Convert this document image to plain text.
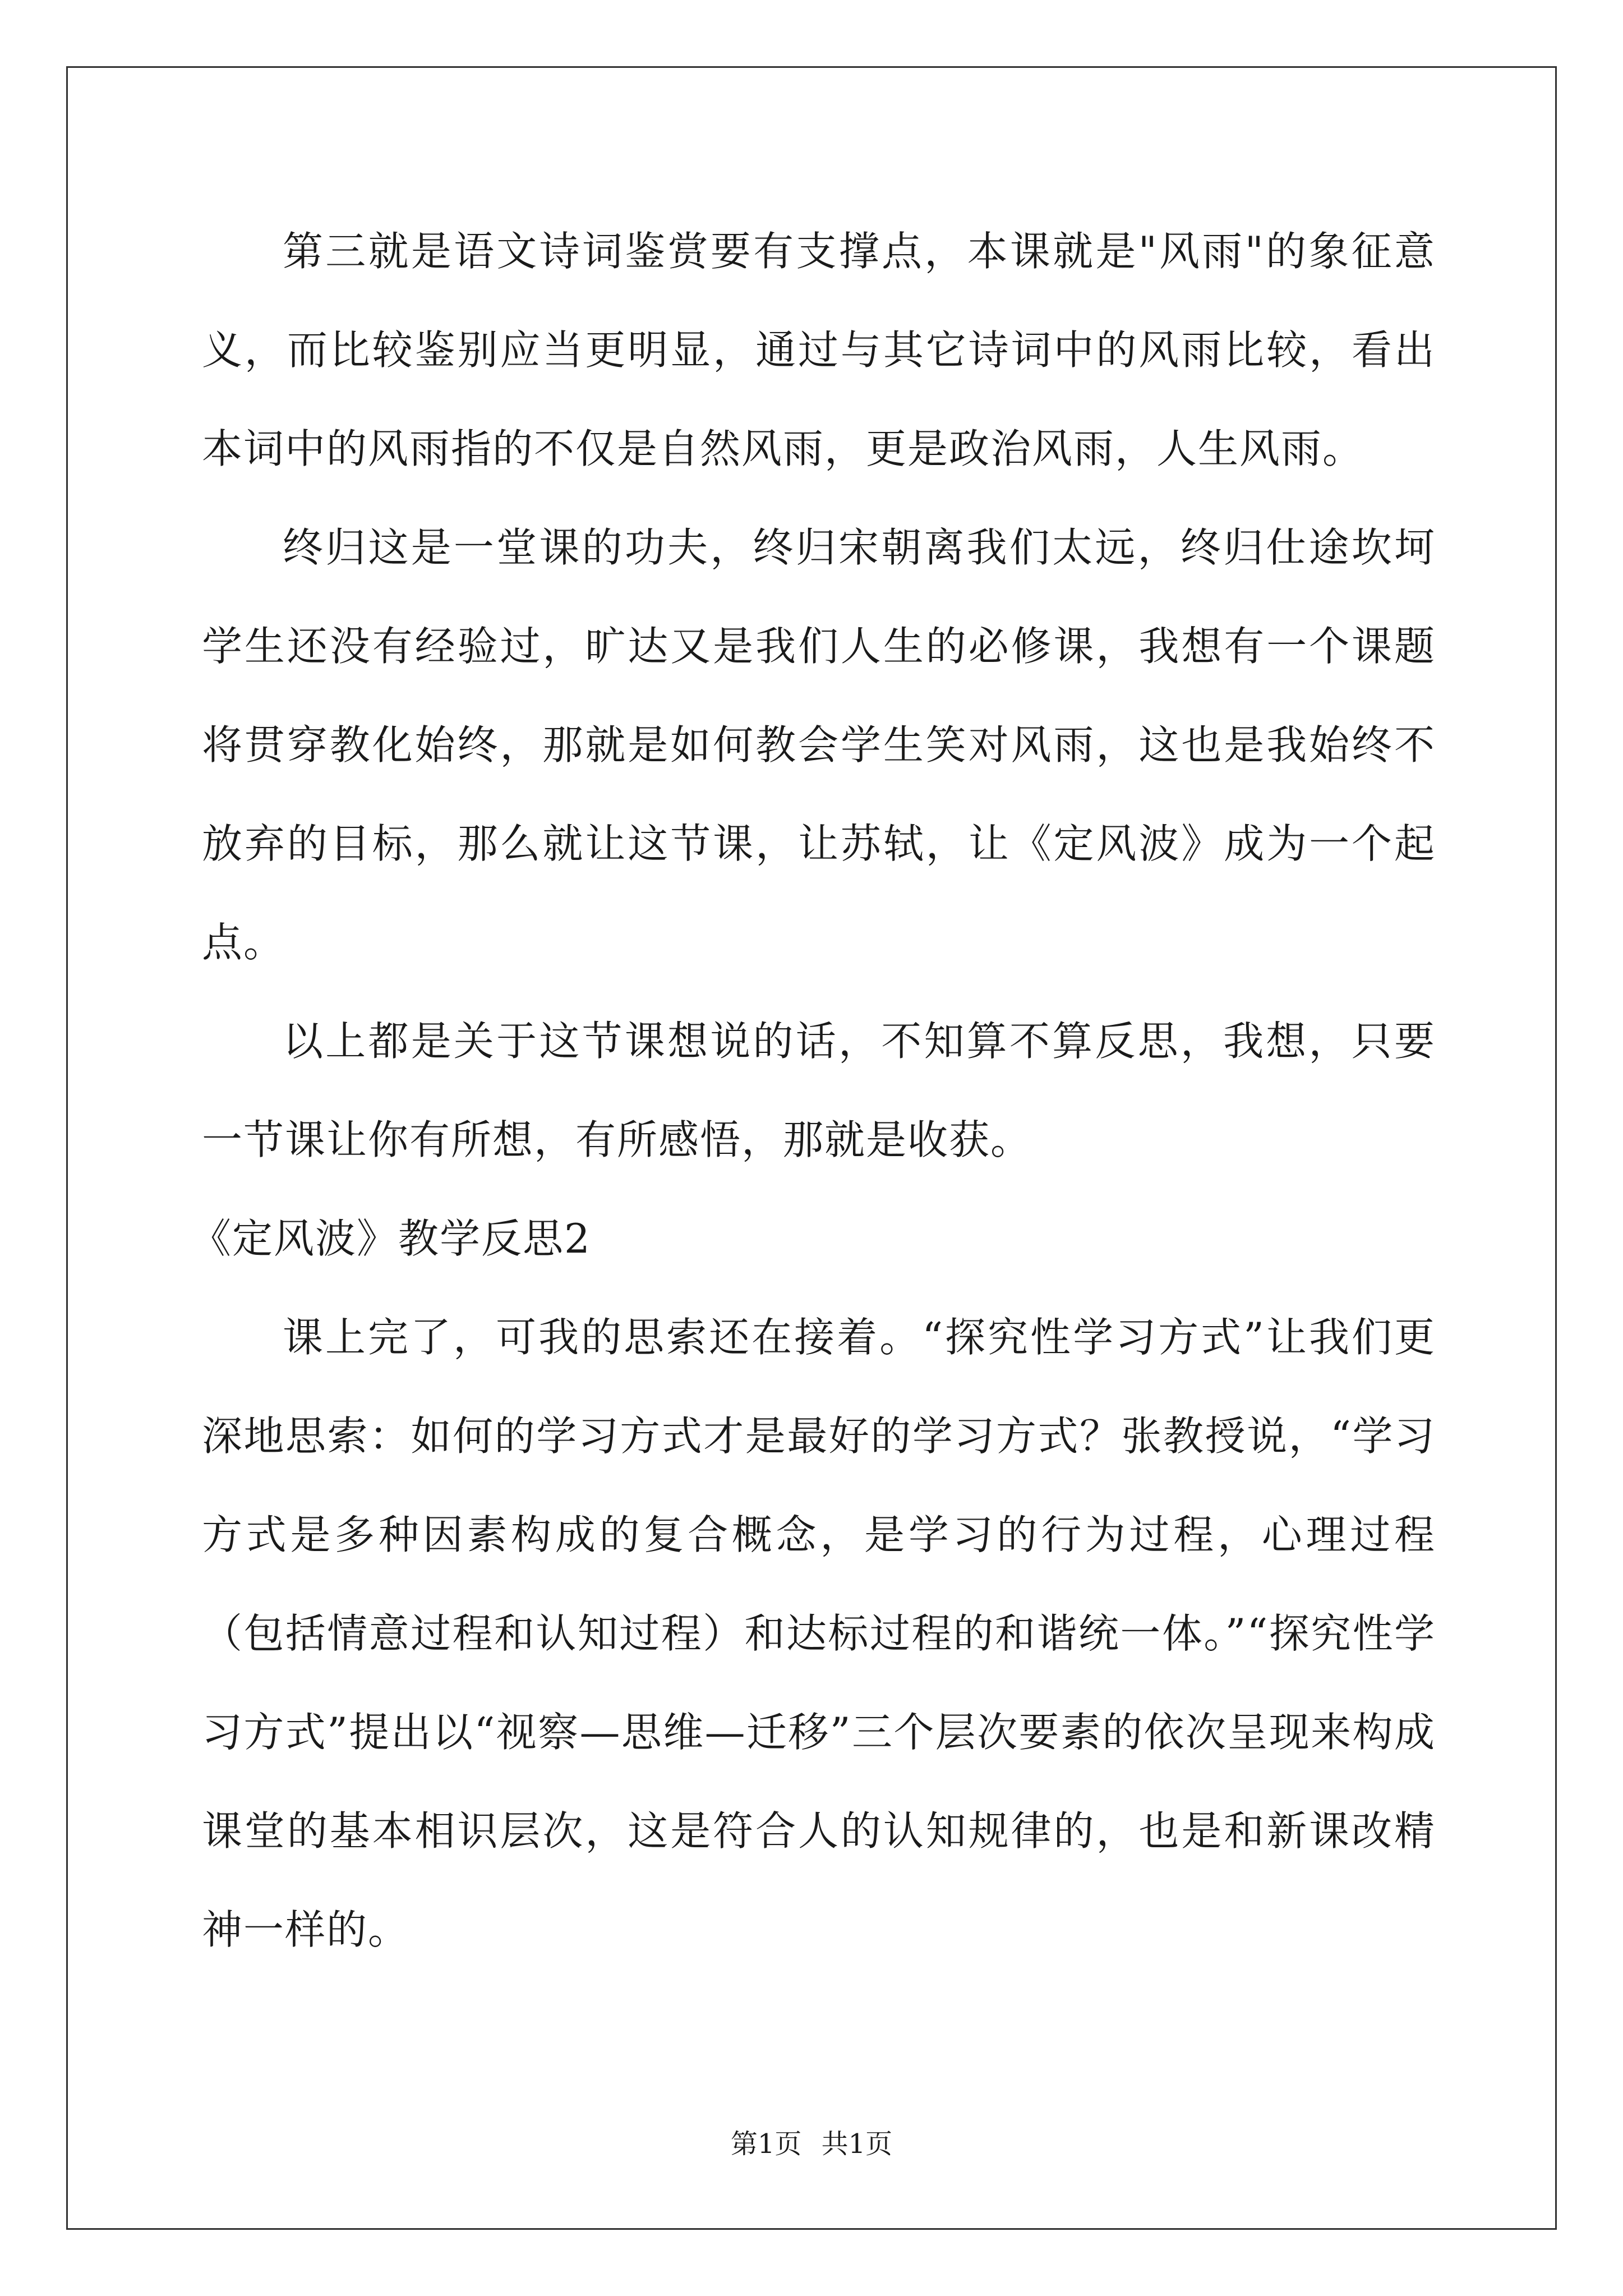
第三就是语文诗词鉴赏要有支撑点，本课就是"风雨"的象征意义，而比较鉴别应当更明显，通过与其它诗词中的风雨比较，看出本词中的风雨指的不仅是自然风雨，更是政治风雨，人生风雨。

终归这是一堂课的功夫，终归宋朝离我们太远，终归仕途坎坷学生还没有经验过，旷达又是我们人生的必修课，我想有一个课题将贯穿教化始终，那就是如何教会学生笑对风雨，这也是我始终不放弃的目标，那么就让这节课，让苏轼，让《定风波》成为一个起点。

以上都是关于这节课想说的话，不知算不算反思，我想，只要一节课让你有所想，有所感悟，那就是收获。

《定风波》教学反思2

课上完了，可我的思索还在接着。“探究性学习方式”让我们更深地思索：如何的学习方式才是最好的学习方式？张教授说，“学习方式是多种因素构成的复合概念，是学习的行为过程，心理过程（包括情意过程和认知过程）和达标过程的和谐统一体。”“探究性学习方式”提出以“视察—思维—迁移”三个层次要素的依次呈现来构成课堂的基本相识层次，这是符合人的认知规律的，也是和新课改精神一样的。

第1页 共1页
